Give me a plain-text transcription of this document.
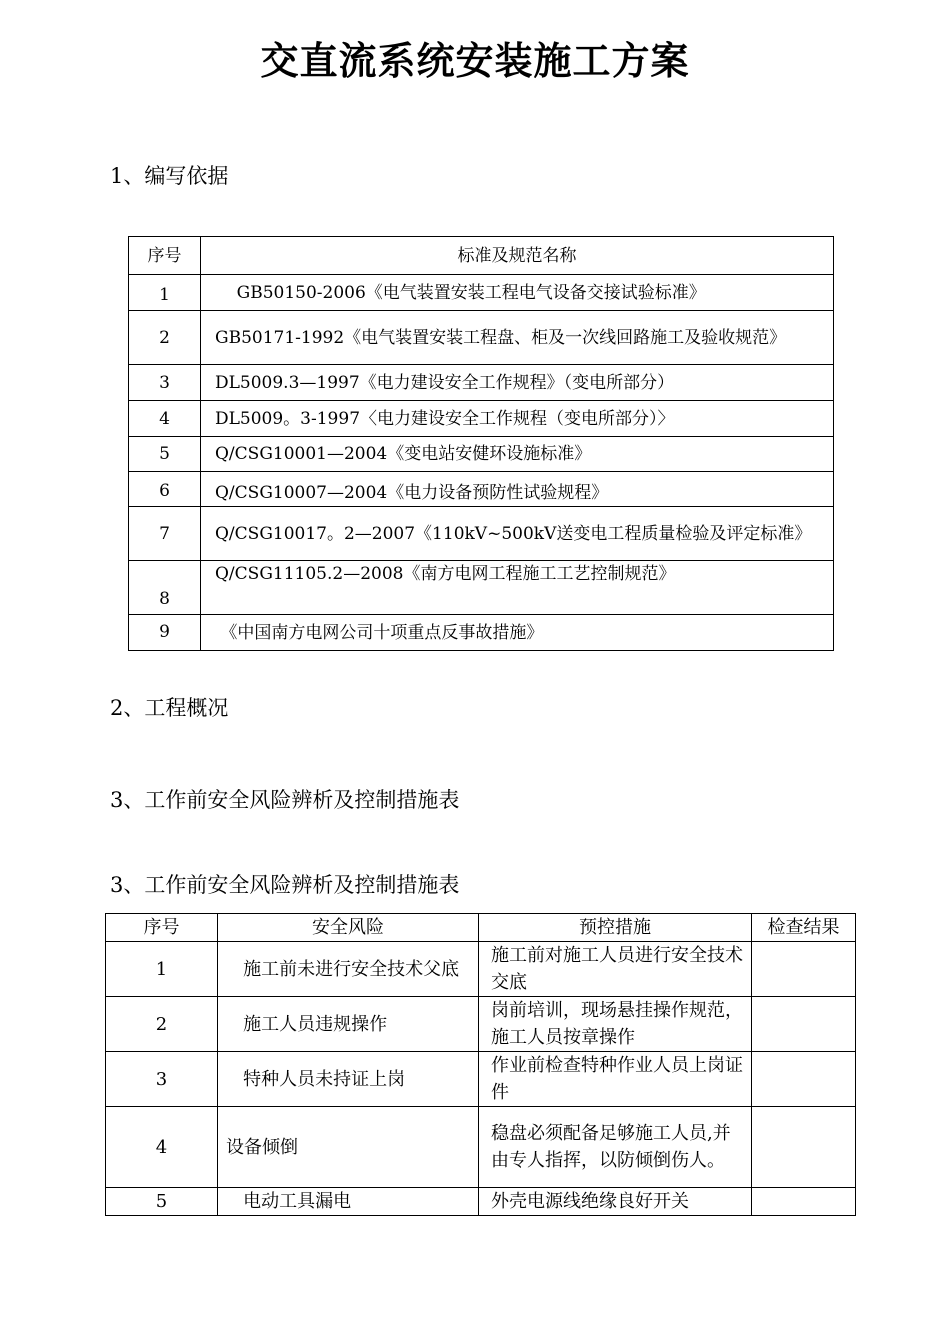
交直流系统安装施工方案
1、编写依据
序号	标准及规范名称
1	GB50150-2006《电气装置安装工程电气设备交接试验标准》
2	GB50171-1992《电气装置安装工程盘、柜及一次线回路施工及验收规范》
3	DL5009.3—1997《电力建设安全工作规程》（变电所部分）
4	DL5009。3-1997〈电力建设安全工作规程（变电所部分）〉
5	Q/CSG10001—2004《变电站安健环设施标准》
6	Q/CSG10007—2004《电力设备预防性试验规程》
7	Q/CSG10017。2—2007《110kV~500kV送变电工程质量检验及评定标准》
8	Q/CSG11105.2—2008《南方电网工程施工工艺控制规范》
9	《中国南方电网公司十项重点反事故措施》
2、工程概况
3、工作前安全风险辨析及控制措施表
3、工作前安全风险辨析及控制措施表
序号	安全风险	预控措施	检查结果
1	施工前未进行安全技术父底	施工前对施工人员进行安全技术交底	
2	施工人员违规操作	岗前培训，现场悬挂操作规范，施工人员按章操作	
3	特种人员未持证上岗	作业前检查特种作业人员上岗证件	
4	设备倾倒	稳盘必须配备足够施工人员,并由专人指挥，以防倾倒伤人。	
5	电动工具漏电	外壳电源线绝缘良好开关	
